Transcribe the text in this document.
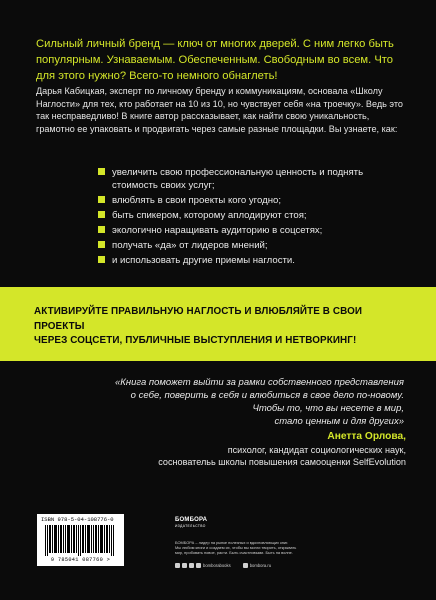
Сильный личный бренд — ключ от многих дверей. С ним легко быть популярным. Узнаваемым. Обеспеченным. Свободным во всем. Что для этого нужно? Всего-то немного обнаглеть!
Дарья Кабицкая, эксперт по личному бренду и коммуникациям, основала «Школу Наглости» для тех, кто работает на 10 из 10, но чувствует себя «на троечку». Ведь это так несправедливо! В книге автор рассказывает, как найти свою уникальность, грамотно ее упаковать и продвигать через самые разные площадки. Вы узнаете, как:
увеличить свою профессиональную ценность и поднять стоимость своих услуг;
влюблять в свои проекты кого угодно;
быть спикером, которому аплодируют стоя;
экологично наращивать аудиторию в соцсетях;
получать «да» от лидеров мнений;
и использовать другие приемы наглости.
АКТИВИРУЙТЕ ПРАВИЛЬНУЮ НАГЛОСТЬ И ВЛЮБЛЯЙТЕ В СВОИ ПРОЕКТЫ
ЧЕРЕЗ СОЦСЕТИ, ПУБЛИЧНЫЕ ВЫСТУПЛЕНИЯ И НЕТВОРКИНГ!
«Книга поможет выйти за рамки собственного представления
о себе, поверить в себя и влюбиться в свое дело по-новому.
Чтобы то, что вы несете в мир,
стало ценным и для других»
Анетта Орлова,
психолог, кандидат социологических наук,
сосновательь школы повышения самооценки SelfEvolution
ISBN 978-5-04-108776-0
9 785041 087760 >
БОМБОРА
ИЗДАТЕЛЬСТВО
БОМБОРА – лидер на рынке полезных и вдохновляющих книг.
Мы любим книги и создаем их, чтобы вы могли творить, открывать
мир, пробовать новое, расти. Быть счастливыми. Быть на волне.
bomborabooks	bombora.ru
